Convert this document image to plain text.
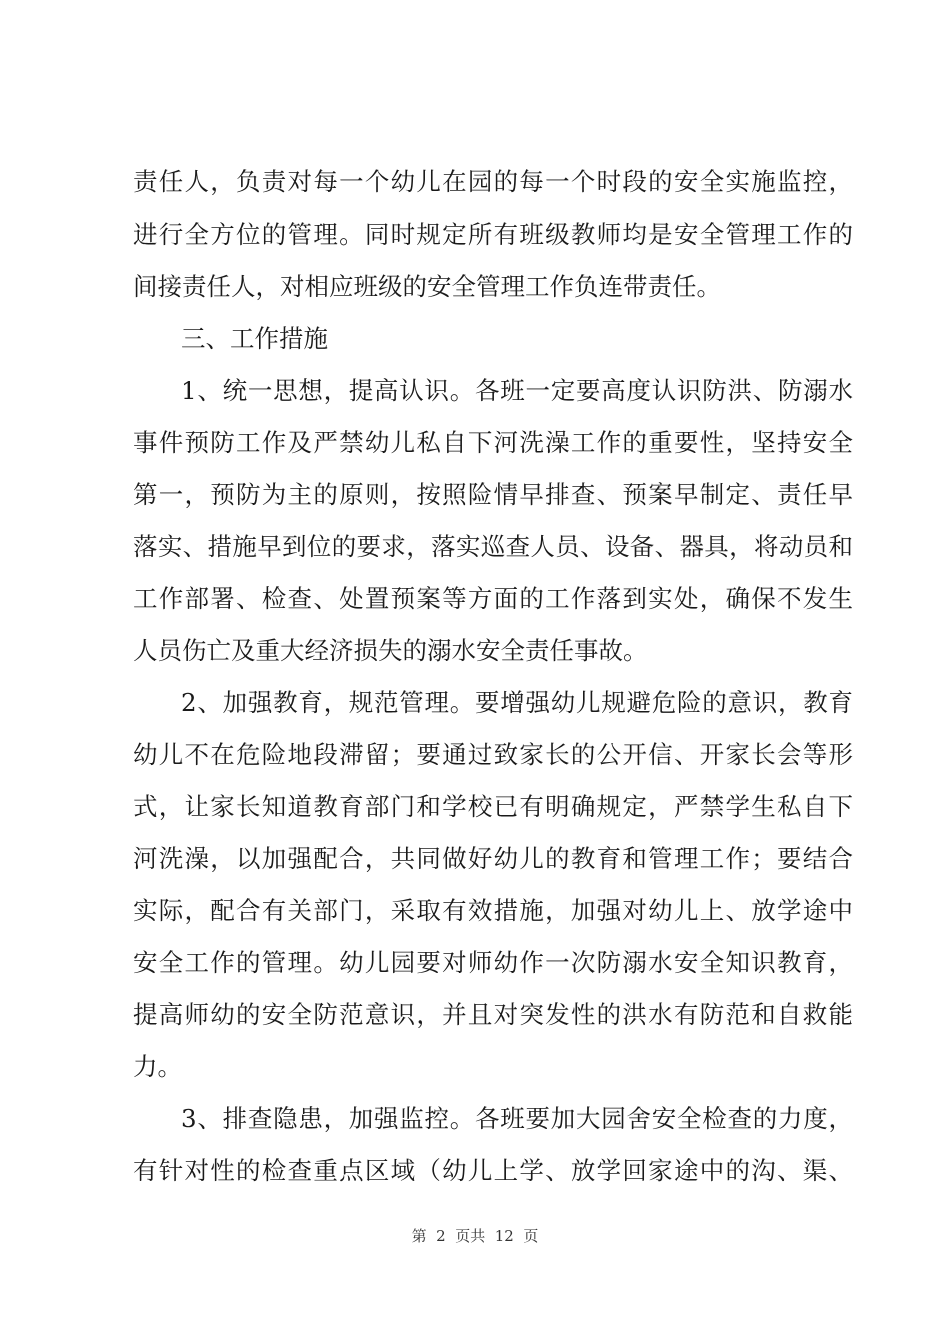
责任人，负责对每一个幼儿在园的每一个时段的安全实施监控，
进行全方位的管理。同时规定所有班级教师均是安全管理工作的
间接责任人，对相应班级的安全管理工作负连带责任。
三、工作措施
1、统一思想，提高认识。各班一定要高度认识防洪、防溺水
事件预防工作及严禁幼儿私自下河洗澡工作的重要性，坚持安全
第一，预防为主的原则，按照险情早排查、预案早制定、责任早
落实、措施早到位的要求，落实巡查人员、设备、器具，将动员和
工作部署、检查、处置预案等方面的工作落到实处，确保不发生
人员伤亡及重大经济损失的溺水安全责任事故。
2、加强教育，规范管理。要增强幼儿规避危险的意识，教育
幼儿不在危险地段滞留；要通过致家长的公开信、开家长会等形
式，让家长知道教育部门和学校已有明确规定，严禁学生私自下
河洗澡，以加强配合，共同做好幼儿的教育和管理工作；要结合
实际，配合有关部门，采取有效措施，加强对幼儿上、放学途中
安全工作的管理。幼儿园要对师幼作一次防溺水安全知识教育，
提高师幼的安全防范意识，并且对突发性的洪水有防范和自救能
力。
3、排查隐患，加强监控。各班要加大园舍安全检查的力度，
有针对性的检查重点区域（幼儿上学、放学回家途中的沟、渠、
第  2  页共  12  页
